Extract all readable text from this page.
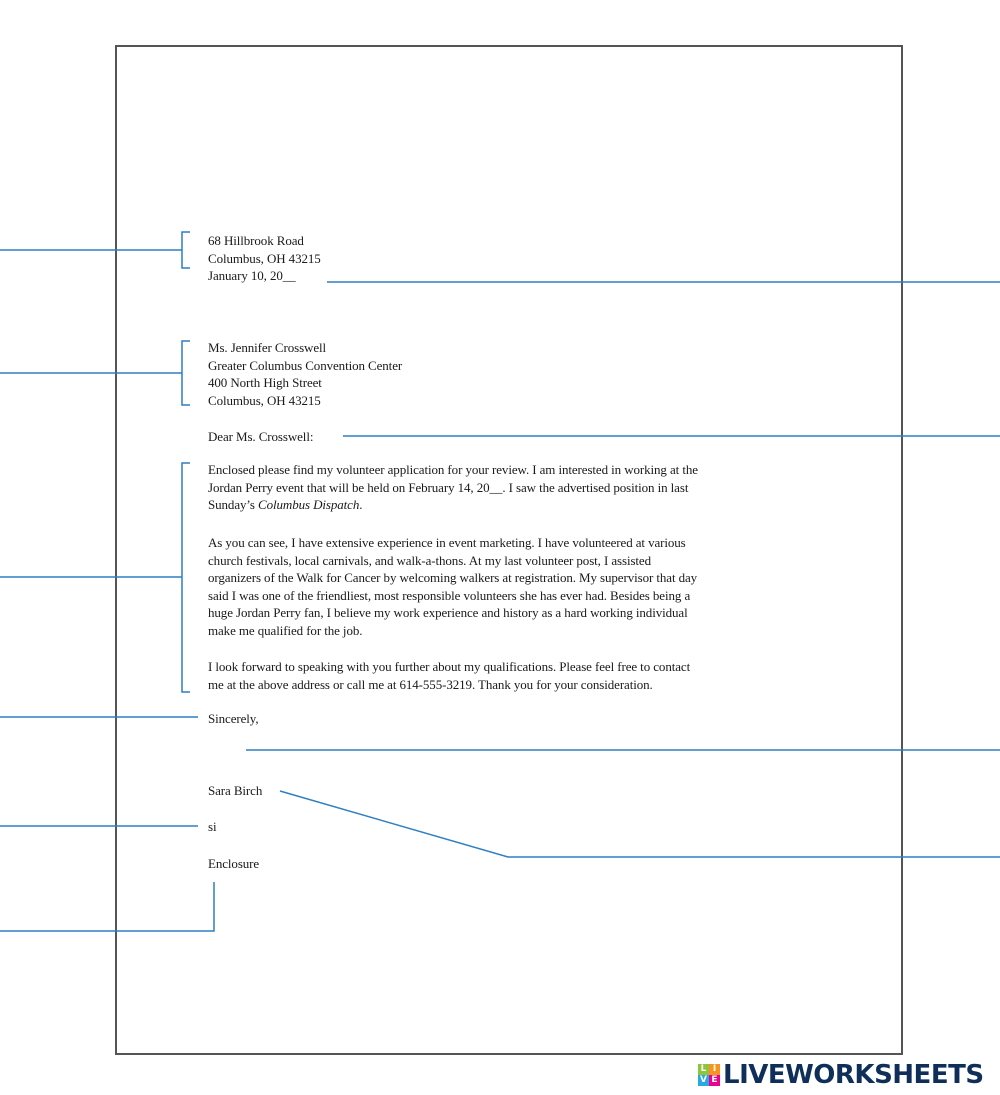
68 Hillbrook Road
Columbus, OH 43215
January 10, 20__
Ms. Jennifer Crosswell
Greater Columbus Convention Center
400 North High Street
Columbus, OH 43215
Dear Ms. Crosswell:
Enclosed please find my volunteer application for your review. I am interested in working at the
Jordan Perry event that will be held on February 14, 20__. I saw the advertised position in last
Sunday’s Columbus Dispatch.
As you can see, I have extensive experience in event marketing. I have volunteered at various
church festivals, local carnivals, and walk-a-thons. At my last volunteer post, I assisted
organizers of the Walk for Cancer by welcoming walkers at registration. My supervisor that day
said I was one of the friendliest, most responsible volunteers she has ever had. Besides being a
huge Jordan Perry fan, I believe my work experience and history as a hard working individual
make me qualified for the job.
I look forward to speaking with you further about my qualifications. Please feel free to contact
me at the above address or call me at 614-555-3219. Thank you for your consideration.
Sincerely,
Sara Birch
si
Enclosure
L I
V E LIVEWORKSHEETS
